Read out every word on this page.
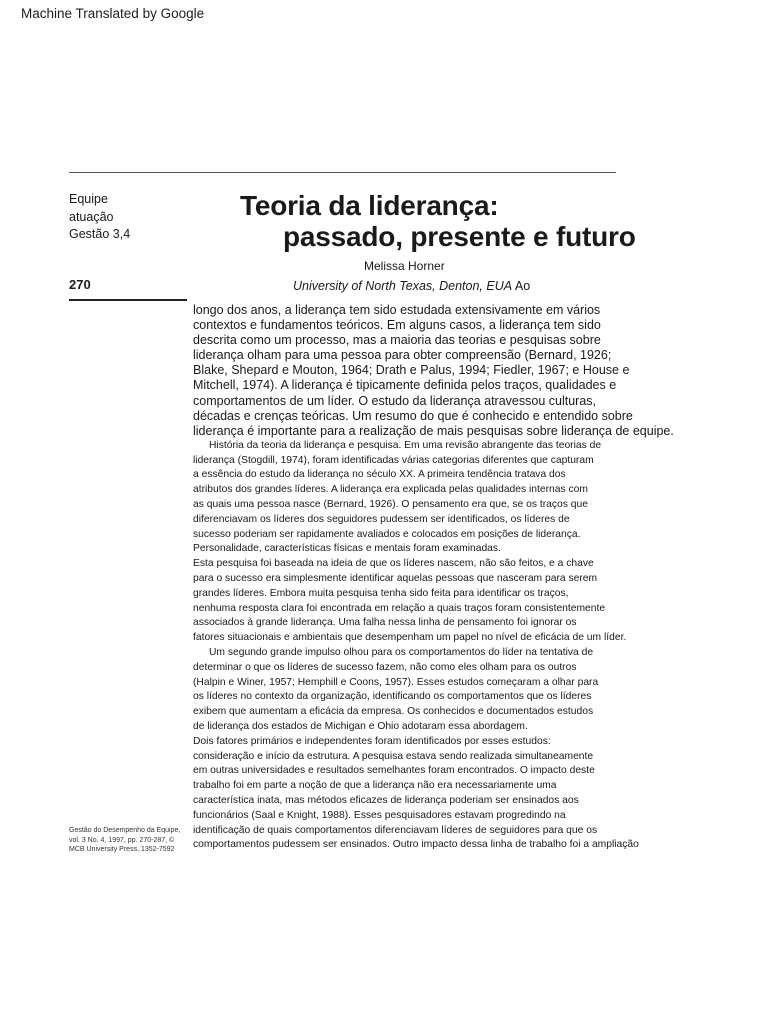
Machine Translated by Google
Equipe
atuação
Gestão 3,4
270
Teoria da liderança:
passado, presente e futuro
Melissa Horner
University of North Texas, Denton, EUA Ao
longo dos anos, a liderança tem sido estudada extensivamente em vários
contextos e fundamentos teóricos. Em alguns casos, a liderança tem sido
descrita como um processo, mas a maioria das teorias e pesquisas sobre
liderança olham para uma pessoa para obter compreensão (Bernard, 1926;
Blake, Shepard e Mouton, 1964; Drath e Palus, 1994; Fiedler, 1967; e House e
Mitchell, 1974). A liderança é tipicamente definida pelos traços, qualidades e
comportamentos de um líder. O estudo da liderança atravessou culturas,
décadas e crenças teóricas. Um resumo do que é conhecido e entendido sobre
liderança é importante para a realização de mais pesquisas sobre liderança de equipe.
História da teoria da liderança e pesquisa. Em uma revisão abrangente das teorias de
liderança (Stogdill, 1974), foram identificadas várias categorias diferentes que capturam
a essência do estudo da liderança no século XX. A primeira tendência tratava dos
atributos dos grandes líderes. A liderança era explicada pelas qualidades internas com
as quais uma pessoa nasce (Bernard, 1926). O pensamento era que, se os traços que
diferenciavam os líderes dos seguidores pudessem ser identificados, os líderes de
sucesso poderiam ser rapidamente avaliados e colocados em posições de liderança.
Personalidade, características físicas e mentais foram examinadas.
Esta pesquisa foi baseada na ideia de que os líderes nascem, não são feitos, e a chave
para o sucesso era simplesmente identificar aquelas pessoas que nasceram para serem
grandes líderes. Embora muita pesquisa tenha sido feita para identificar os traços,
nenhuma resposta clara foi encontrada em relação a quais traços foram consistentemente
associados à grande liderança. Uma falha nessa linha de pensamento foi ignorar os
fatores situacionais e ambientais que desempenham um papel no nível de eficácia de um líder.
Um segundo grande impulso olhou para os comportamentos do líder na tentativa de
determinar o que os líderes de sucesso fazem, não como eles olham para os outros
(Halpin e Winer, 1957; Hemphill e Coons, 1957). Esses estudos começaram a olhar para
os líderes no contexto da organização, identificando os comportamentos que os líderes
exibem que aumentam a eficácia da empresa. Os conhecidos e documentados estudos
de liderança dos estados de Michigan e Ohio adotaram essa abordagem.
Dois fatores primários e independentes foram identificados por esses estudos:
consideração e início da estrutura. A pesquisa estava sendo realizada simultaneamente
em outras universidades e resultados semelhantes foram encontrados. O impacto deste
trabalho foi em parte a noção de que a liderança não era necessariamente uma
característica inata, mas métodos eficazes de liderança poderiam ser ensinados aos
funcionários (Saal e Knight, 1988). Esses pesquisadores estavam progredindo na
identificação de quais comportamentos diferenciavam líderes de seguidores para que os
comportamentos pudessem ser ensinados. Outro impacto dessa linha de trabalho foi a ampliação
Gestão do Desempenho da Equipe,
vol. 3 No. 4, 1997, pp. 270-287, ©
MCB University Press, 1352-7592
